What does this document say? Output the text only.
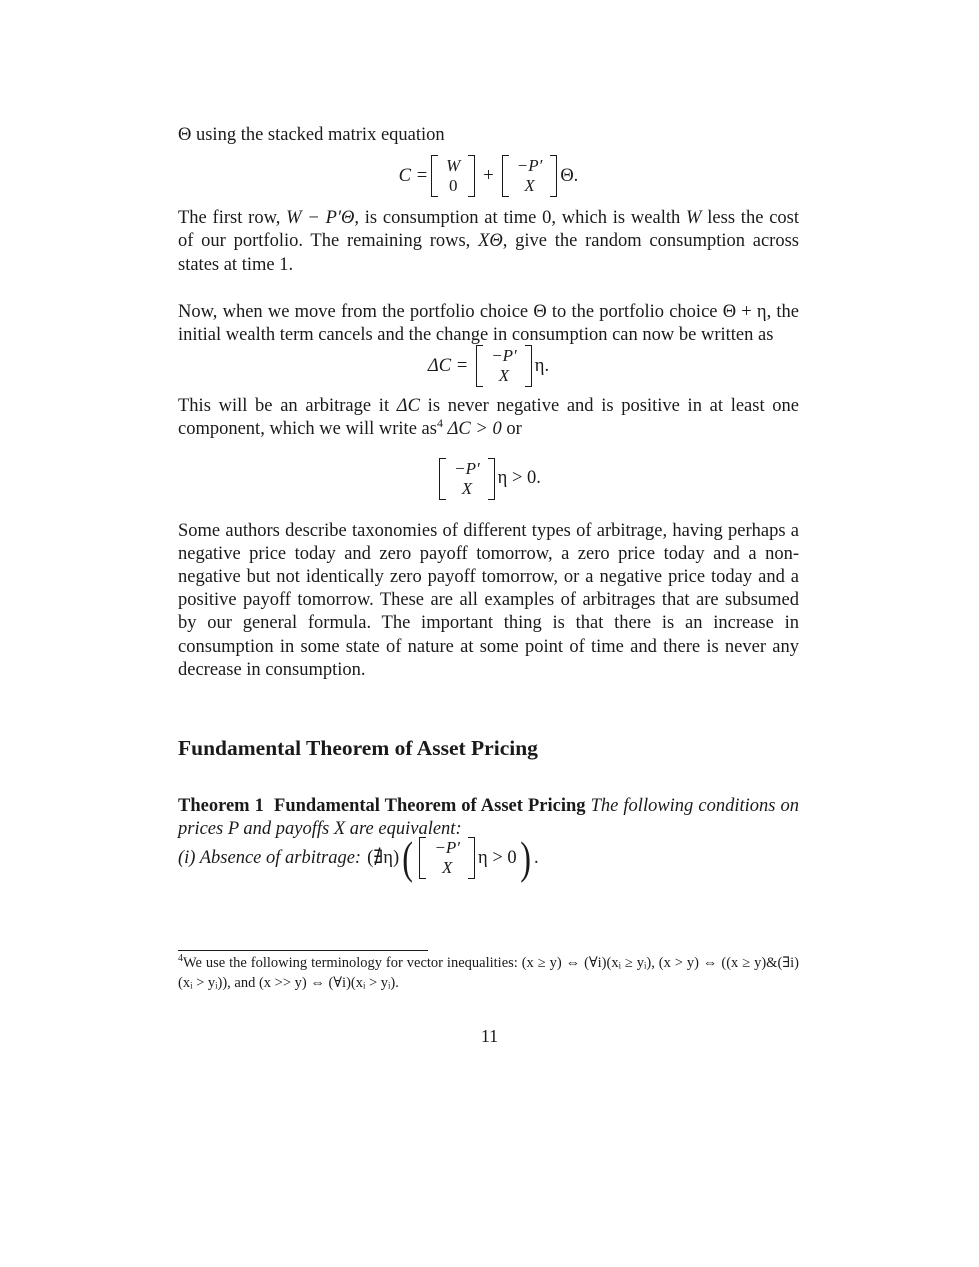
Θ using the stacked matrix equation

C = W
0 + −P′
X Θ.

The first row, W − P′Θ, is consumption at time 0, which is wealth W less the cost of our portfolio. The remaining rows, XΘ, give the random consumption across states at time 1.

Now, when we move from the portfolio choice Θ to the portfolio choice Θ + η, the initial wealth term cancels and the change in consumption can now be written as

ΔC = −P′
X η.

This will be an arbitrage it ΔC is never negative and is positive in at least one component, which we will write $as^4$ ΔC > 0 or

−P′
X η > 0.

Some authors describe taxonomies of different types of arbitrage, having perhaps a negative price today and zero payoff tomorrow, a zero price today and a non-negative but not identically zero payoff tomorrow, or a negative price today and a positive payoff tomorrow. These are all examples of arbitrages that are subsumed by our general formula. The important thing is that there is an increase in consumption in some state of nature at some point of time and there is never any decrease in consumption.

Fundamental Theorem of Asset Pricing

Theorem 1 Fundamental Theorem of Asset Pricing The following conditions on prices P and payoffs X are equivalent:

(i) Absence of arbitrage: (∄η) ( −P′
X η > 0 ) .
$^4$We use the following terminology for vector inequalities: (x ≥ y) ⇔ (∀i)(xᵢ ≥ yᵢ), (x > y) ⇔ ((x ≥ y)&(∃i)(xᵢ > yᵢ)), and (x >> y) ⇔ (∀i)(xᵢ > yᵢ).
11
